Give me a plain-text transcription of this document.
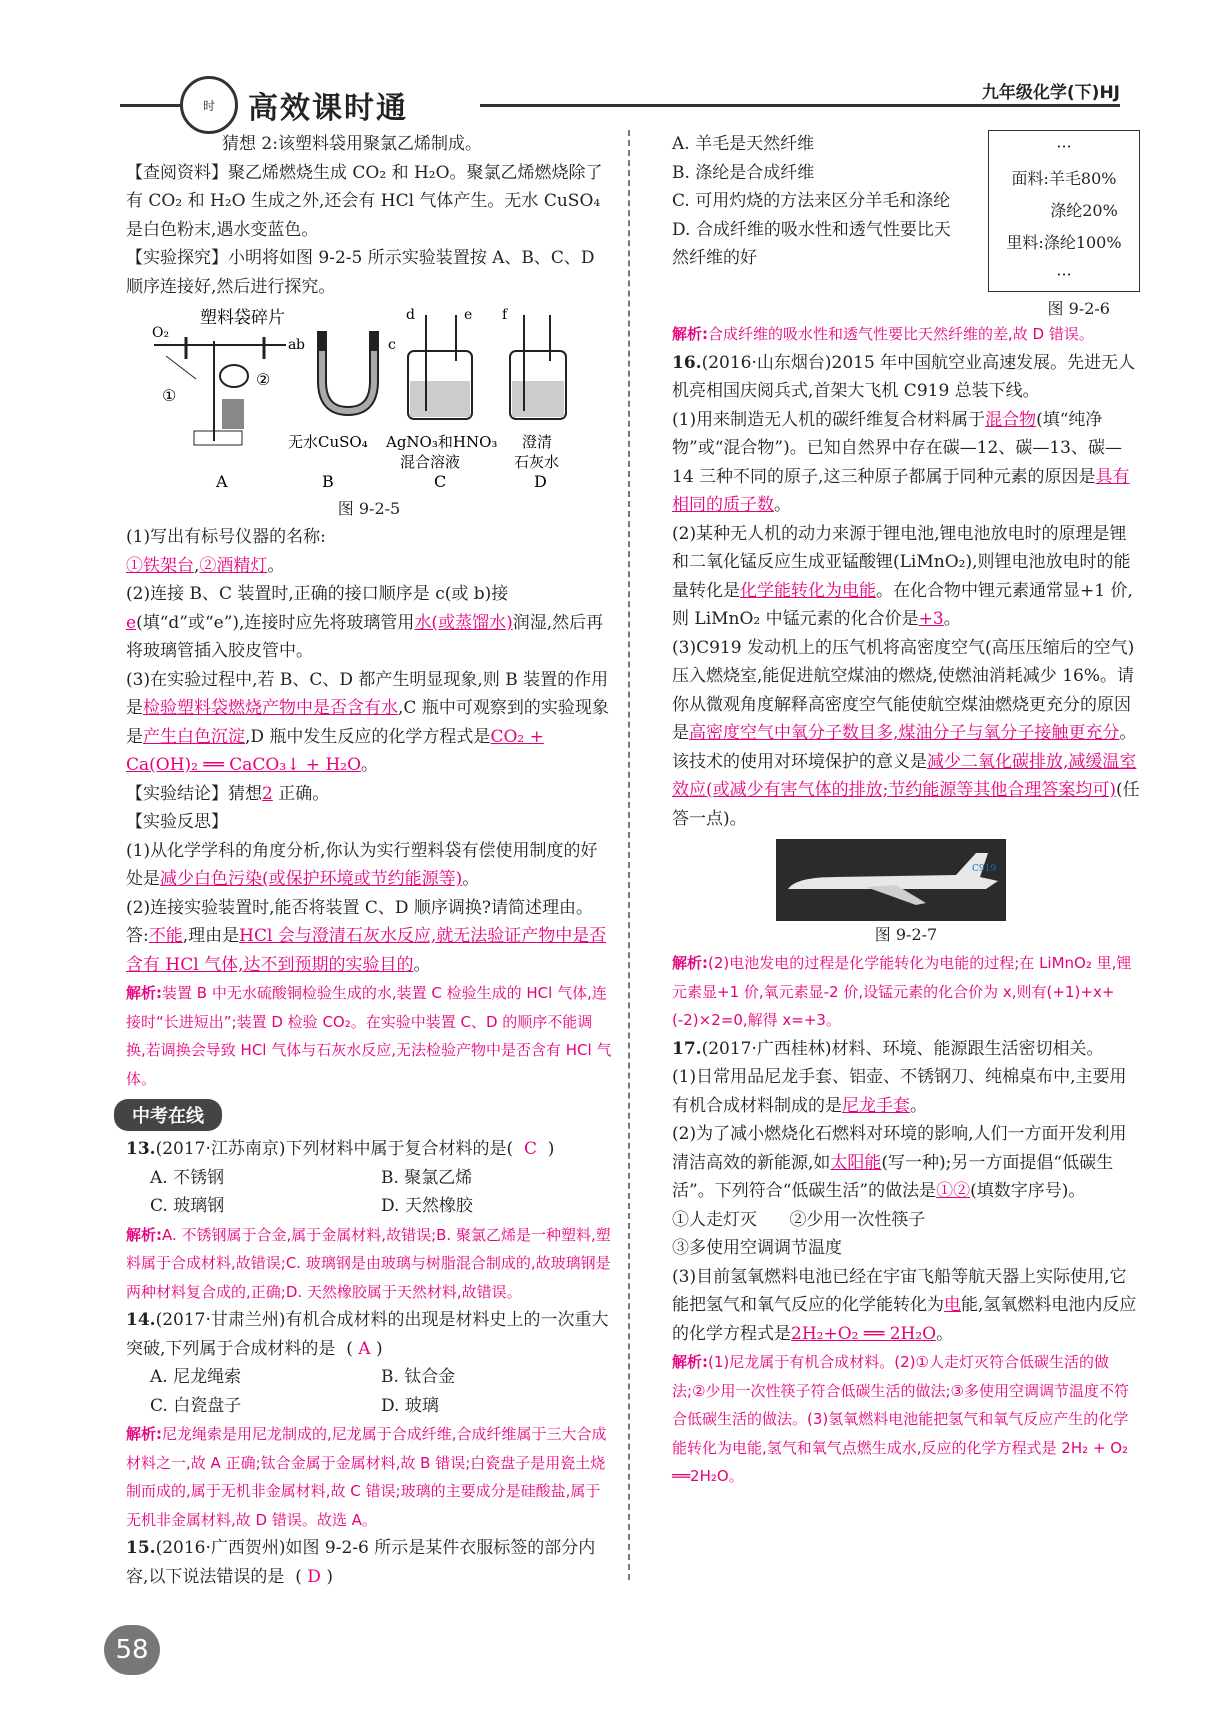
时 高效课时通	九年级化学(下)HJ

猜想 2:该塑料袋用聚氯乙烯制成。

【查阅资料】聚乙烯燃烧生成 CO₂ 和 H₂O。聚氯乙烯燃烧除了有 CO₂ 和 H₂O 生成之外,还会有 HCl 气体产生。无水 CuSO₄ 是白色粉末,遇水变蓝色。

【实验探究】小明将如图 9-2-5 所示实验装置按 A、B、C、D 顺序连接好,然后进行探究。

塑料袋碎片
O₂
a
①
②
b	c
无水CuSO₄
d	e
AgNO₃和HNO₃
混合溶液
f
澄清
石灰水
A	B	C	D

图 9-2-5

(1)写出有标号仪器的名称:

①铁架台,②酒精灯。

(2)连接 B、C 装置时,正确的接口顺序是 c(或 b)接e(填“d”或“e”),连接时应先将玻璃管用水(或蒸馏水)润湿,然后再将玻璃管插入胶皮管中。

(3)在实验过程中,若 B、C、D 都产生明显现象,则 B 装置的作用是检验塑料袋燃烧产物中是否含有水,C 瓶中可观察到的实验现象是产生白色沉淀,D 瓶中发生反应的化学方程式是CO₂ + Ca(OH)₂ ══ CaCO₃↓ + H₂O。

【实验结论】猜想2 正确。

【实验反思】

(1)从化学学科的角度分析,你认为实行塑料袋有偿使用制度的好处是减少白色污染(或保护环境或节约能源等)。

(2)连接实验装置时,能否将装置 C、D 顺序调换?请简述理由。答:不能,理由是HCl 会与澄清石灰水反应,就无法验证产物中是否含有 HCl 气体,达不到预期的实验目的。

解析:装置 B 中无水硫酸铜检验生成的水,装置 C 检验生成的 HCl 气体,连接时“长进短出”;装置 D 检验 CO₂。在实验中装置 C、D 的顺序不能调换,若调换会导致 HCl 气体与石灰水反应,无法检验产物中是否含有 HCl 气体。

中考在线

13.(2017·江苏南京)下列材料中属于复合材料的是( C )

A. 不锈钢	B. 聚氯乙烯
C. 玻璃钢	D. 天然橡胶

解析:A. 不锈钢属于合金,属于金属材料,故错误;B. 聚氯乙烯是一种塑料,塑料属于合成材料,故错误;C. 玻璃钢是由玻璃与树脂混合制成的,故玻璃钢是两种材料复合成的,正确;D. 天然橡胶属于天然材料,故错误。

14.(2017·甘肃兰州)有机合成材料的出现是材料史上的一次重大突破,下列属于合成材料的是 ( A )

A. 尼龙绳索	B. 钛合金
C. 白瓷盘子	D. 玻璃

解析:尼龙绳索是用尼龙制成的,尼龙属于合成纤维,合成纤维属于三大合成材料之一,故 A 正确;钛合金属于金属材料,故 B 错误;白瓷盘子是用瓷土烧制而成的,属于无机非金属材料,故 C 错误;玻璃的主要成分是硅酸盐,属于无机非金属材料,故 D 错误。故选 A。

15.(2016·广西贺州)如图 9-2-6 所示是某件衣服标签的部分内容,以下说法错误的是 ( D )

A. 羊毛是天然纤维

B. 涤纶是合成纤维

C. 可用灼烧的方法来区分羊毛和涤纶

D. 合成纤维的吸水性和透气性要比天然纤维的好

···
面料:羊毛80%
涤纶20%
里料:涤纶100%
···
图 9-2-6

解析:合成纤维的吸水性和透气性要比天然纤维的差,故 D 错误。

16.(2016·山东烟台)2015 年中国航空业高速发展。先进无人机亮相国庆阅兵式,首架大飞机 C919 总装下线。

(1)用来制造无人机的碳纤维复合材料属于混合物(填“纯净物”或“混合物”)。已知自然界中存在碳—12、碳—13、碳—14 三种不同的原子,这三种原子都属于同种元素的原因是具有相同的质子数。

(2)某种无人机的动力来源于锂电池,锂电池放电时的原理是锂和二氧化锰反应生成亚锰酸锂(LiMnO₂),则锂电池放电时的能量转化是化学能转化为电能。在化合物中锂元素通常显+1 价,则 LiMnO₂ 中锰元素的化合价是+3。

(3)C919 发动机上的压气机将高密度空气(高压压缩后的空气)压入燃烧室,能促进航空煤油的燃烧,使燃油消耗减少 16%。请你从微观角度解释高密度空气能使航空煤油燃烧更充分的原因是高密度空气中氧分子数目多,煤油分子与氧分子接触更充分。该技术的使用对环境保护的意义是减少二氧化碳排放,减缓温室效应(或减少有害气体的排放;节约能源等其他合理答案均可)(任答一点)。

C919

图 9-2-7

解析:(2)电池发电的过程是化学能转化为电能的过程;在 LiMnO₂ 里,锂元素显+1 价,氧元素显-2 价,设锰元素的化合价为 x,则有(+1)+x+(-2)×2=0,解得 x=+3。

17.(2017·广西桂林)材料、环境、能源跟生活密切相关。

(1)日常用品尼龙手套、铝壶、不锈钢刀、纯棉桌布中,主要用有机合成材料制成的是尼龙手套。

(2)为了减小燃烧化石燃料对环境的影响,人们一方面开发利用清洁高效的新能源,如太阳能(写一种);另一方面提倡“低碳生活”。下列符合“低碳生活”的做法是①②(填数字序号)。

①人走灯灭 ②少用一次性筷子

③多使用空调调节温度

(3)目前氢氧燃料电池已经在宇宙飞船等航天器上实际使用,它能把氢气和氧气反应的化学能转化为电能,氢氧燃料电池内反应的化学方程式是2H₂+O₂ ══ 2H₂O。

解析:(1)尼龙属于有机合成材料。(2)①人走灯灭符合低碳生活的做法;②少用一次性筷子符合低碳生活的做法;③多使用空调调节温度不符合低碳生活的做法。(3)氢氧燃料电池能把氢气和氧气反应产生的化学能转化为电能,氢气和氧气点燃生成水,反应的化学方程式是 2H₂ + O₂ ══2H₂O。

58
